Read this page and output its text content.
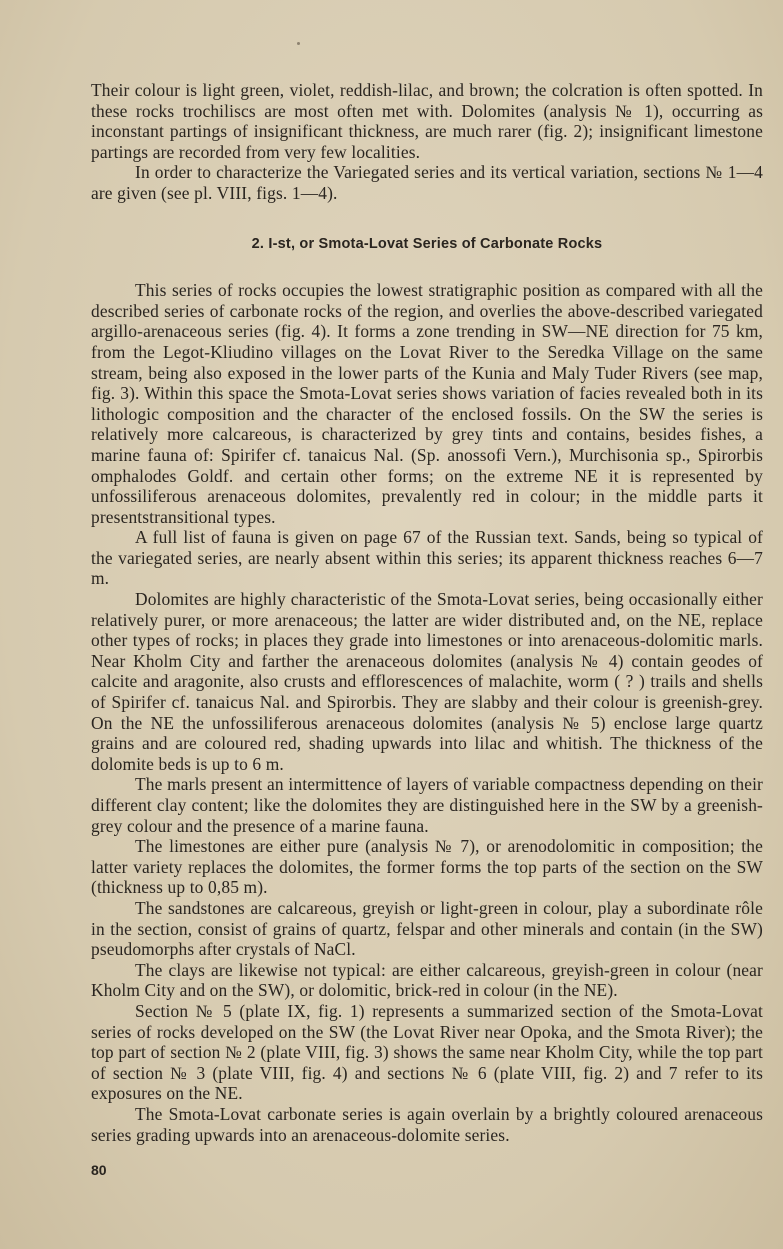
Their colour is light green, violet, reddish-lilac, and brown; the colcration is often spotted. In these rocks trochiliscs are most often met with. Dolomites (analysis № 1), occurring as inconstant partings of insignificant thickness, are much rarer (fig. 2); insignificant limestone partings are recorded from very few localities.

In order to characterize the Variegated series and its vertical variation, sections № 1—4 are given (see pl. VIII, figs. 1—4).

2. I-st, or Smota-Lovat Series of Carbonate Rocks

This series of rocks occupies the lowest stratigraphic position as compared with all the described series of carbonate rocks of the region, and overlies the above-described variegated argillo-arenaceous series (fig. 4). It forms a zone trending in SW—NE direction for 75 km, from the Legot-Kliudino villages on the Lovat River to the Seredka Village on the same stream, being also exposed in the lower parts of the Kunia and Maly Tuder Rivers (see map, fig. 3). Within this space the Smota-Lovat series shows variation of facies revealed both in its lithologic composition and the character of the enclosed fossils. On the SW the series is relatively more calcareous, is characterized by grey tints and contains, besides fishes, a marine fauna of: Spirifer cf. tanaicus Nal. (Sp. anossofi Vern.), Murchisonia sp., Spirorbis omphalodes Goldf. and certain other forms; on the extreme NE it is represented by unfossiliferous arenaceous dolomites, prevalently red in colour; in the middle parts it presentstransitional types.

A full list of fauna is given on page 67 of the Russian text. Sands, being so typical of the variegated series, are nearly absent within this series; its apparent thickness reaches 6—7 m.

Dolomites are highly characteristic of the Smota-Lovat series, being occasionally either relatively purer, or more arenaceous; the latter are wider distributed and, on the NE, replace other types of rocks; in places they grade into limestones or into arenaceous-dolomitic marls. Near Kholm City and farther the arenaceous dolomites (analysis № 4) contain geodes of calcite and aragonite, also crusts and efflorescences of malachite, worm ( ? ) trails and shells of Spirifer cf. tanaicus Nal. and Spirorbis. They are slabby and their colour is greenish-grey. On the NE the unfossiliferous arenaceous dolomites (analysis № 5) enclose large quartz grains and are coloured red, shading upwards into lilac and whitish. The thickness of the dolomite beds is up to 6 m.

The marls present an intermittence of layers of variable compactness depending on their different clay content; like the dolomites they are distinguished here in the SW by a greenish-grey colour and the presence of a marine fauna.

The limestones are either pure (analysis № 7), or arenodolomitic in composition; the latter variety replaces the dolomites, the former forms the top parts of the section on the SW (thickness up to 0,85 m).

The sandstones are calcareous, greyish or light-green in colour, play a subordinate rôle in the section, consist of grains of quartz, felspar and other minerals and contain (in the SW) pseudomorphs after crystals of NaCl.

The clays are likewise not typical: are either calcareous, greyish-green in colour (near Kholm City and on the SW), or dolomitic, brick-red in colour (in the NE).

Section № 5 (plate IX, fig. 1) represents a summarized section of the Smota-Lovat series of rocks developed on the SW (the Lovat River near Opoka, and the Smota River); the top part of section № 2 (plate VIII, fig. 3) shows the same near Kholm City, while the top part of section № 3 (plate VIII, fig. 4) and sections № 6 (plate VIII, fig. 2) and 7 refer to its exposures on the NE.

The Smota-Lovat carbonate series is again overlain by a brightly coloured arenaceous series grading upwards into an arenaceous-dolomite series.

80
